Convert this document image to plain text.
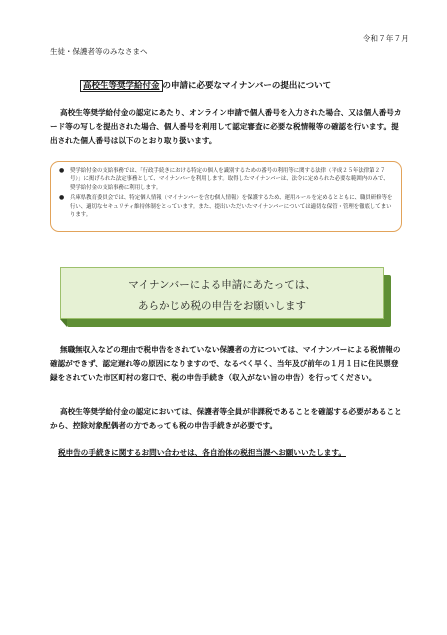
令和７年７月
生徒・保護者等のみなさまへ
高校生等奨学給付金 の申請に必要なマイナンバーの提出について
高校生等奨学給付金の認定にあたり、オンライン申請で個人番号を入力された場合、又は個人番号カード等の写しを提出された場合、個人番号を利用して認定審査に必要な税情報等の確認を行います。提出された個人番号は以下のとおり取り扱います。
● 奨学給付金の支給事務では、「行政手続きにおける特定の個人を識別するための番号の利用等に関する法律（平成２５年法律第２７号）」に掲げられた法定事務として、マイナンバーを利用します。取得したマイナンバーは、法令に定められた必要な範囲内のみで、奨学給付金の支給事務に利用します。
● 兵庫県教育委員会では、特定個人情報（マイナンバーを含む個人情報）を保護するため、運用ルールを定めるとともに、職員研修等を行い、適切なセキュリティ維持体制をとっています。また、提出いただいたマイナンバーについては適切な保管・管理を徹底してまいります。
マイナンバーによる申請にあたっては、
あらかじめ税の申告をお願いします
無職無収入などの理由で税申告をされていない保護者の方については、マイナンバーによる税情報の確認ができず、認定遅れ等の原因になりますので、なるべく早く、当年及び前年の１月１日に住民票登録をされていた市区町村の窓口で、税の申告手続き（収入がない旨の申告）を行ってください。
高校生等奨学給付金の認定においては、保護者等全員が非課税であることを確認する必要があることから、控除対象配偶者の方であっても税の申告手続きが必要です。
税申告の手続きに関するお問い合わせは、各自治体の税担当課へお願いいたします。
